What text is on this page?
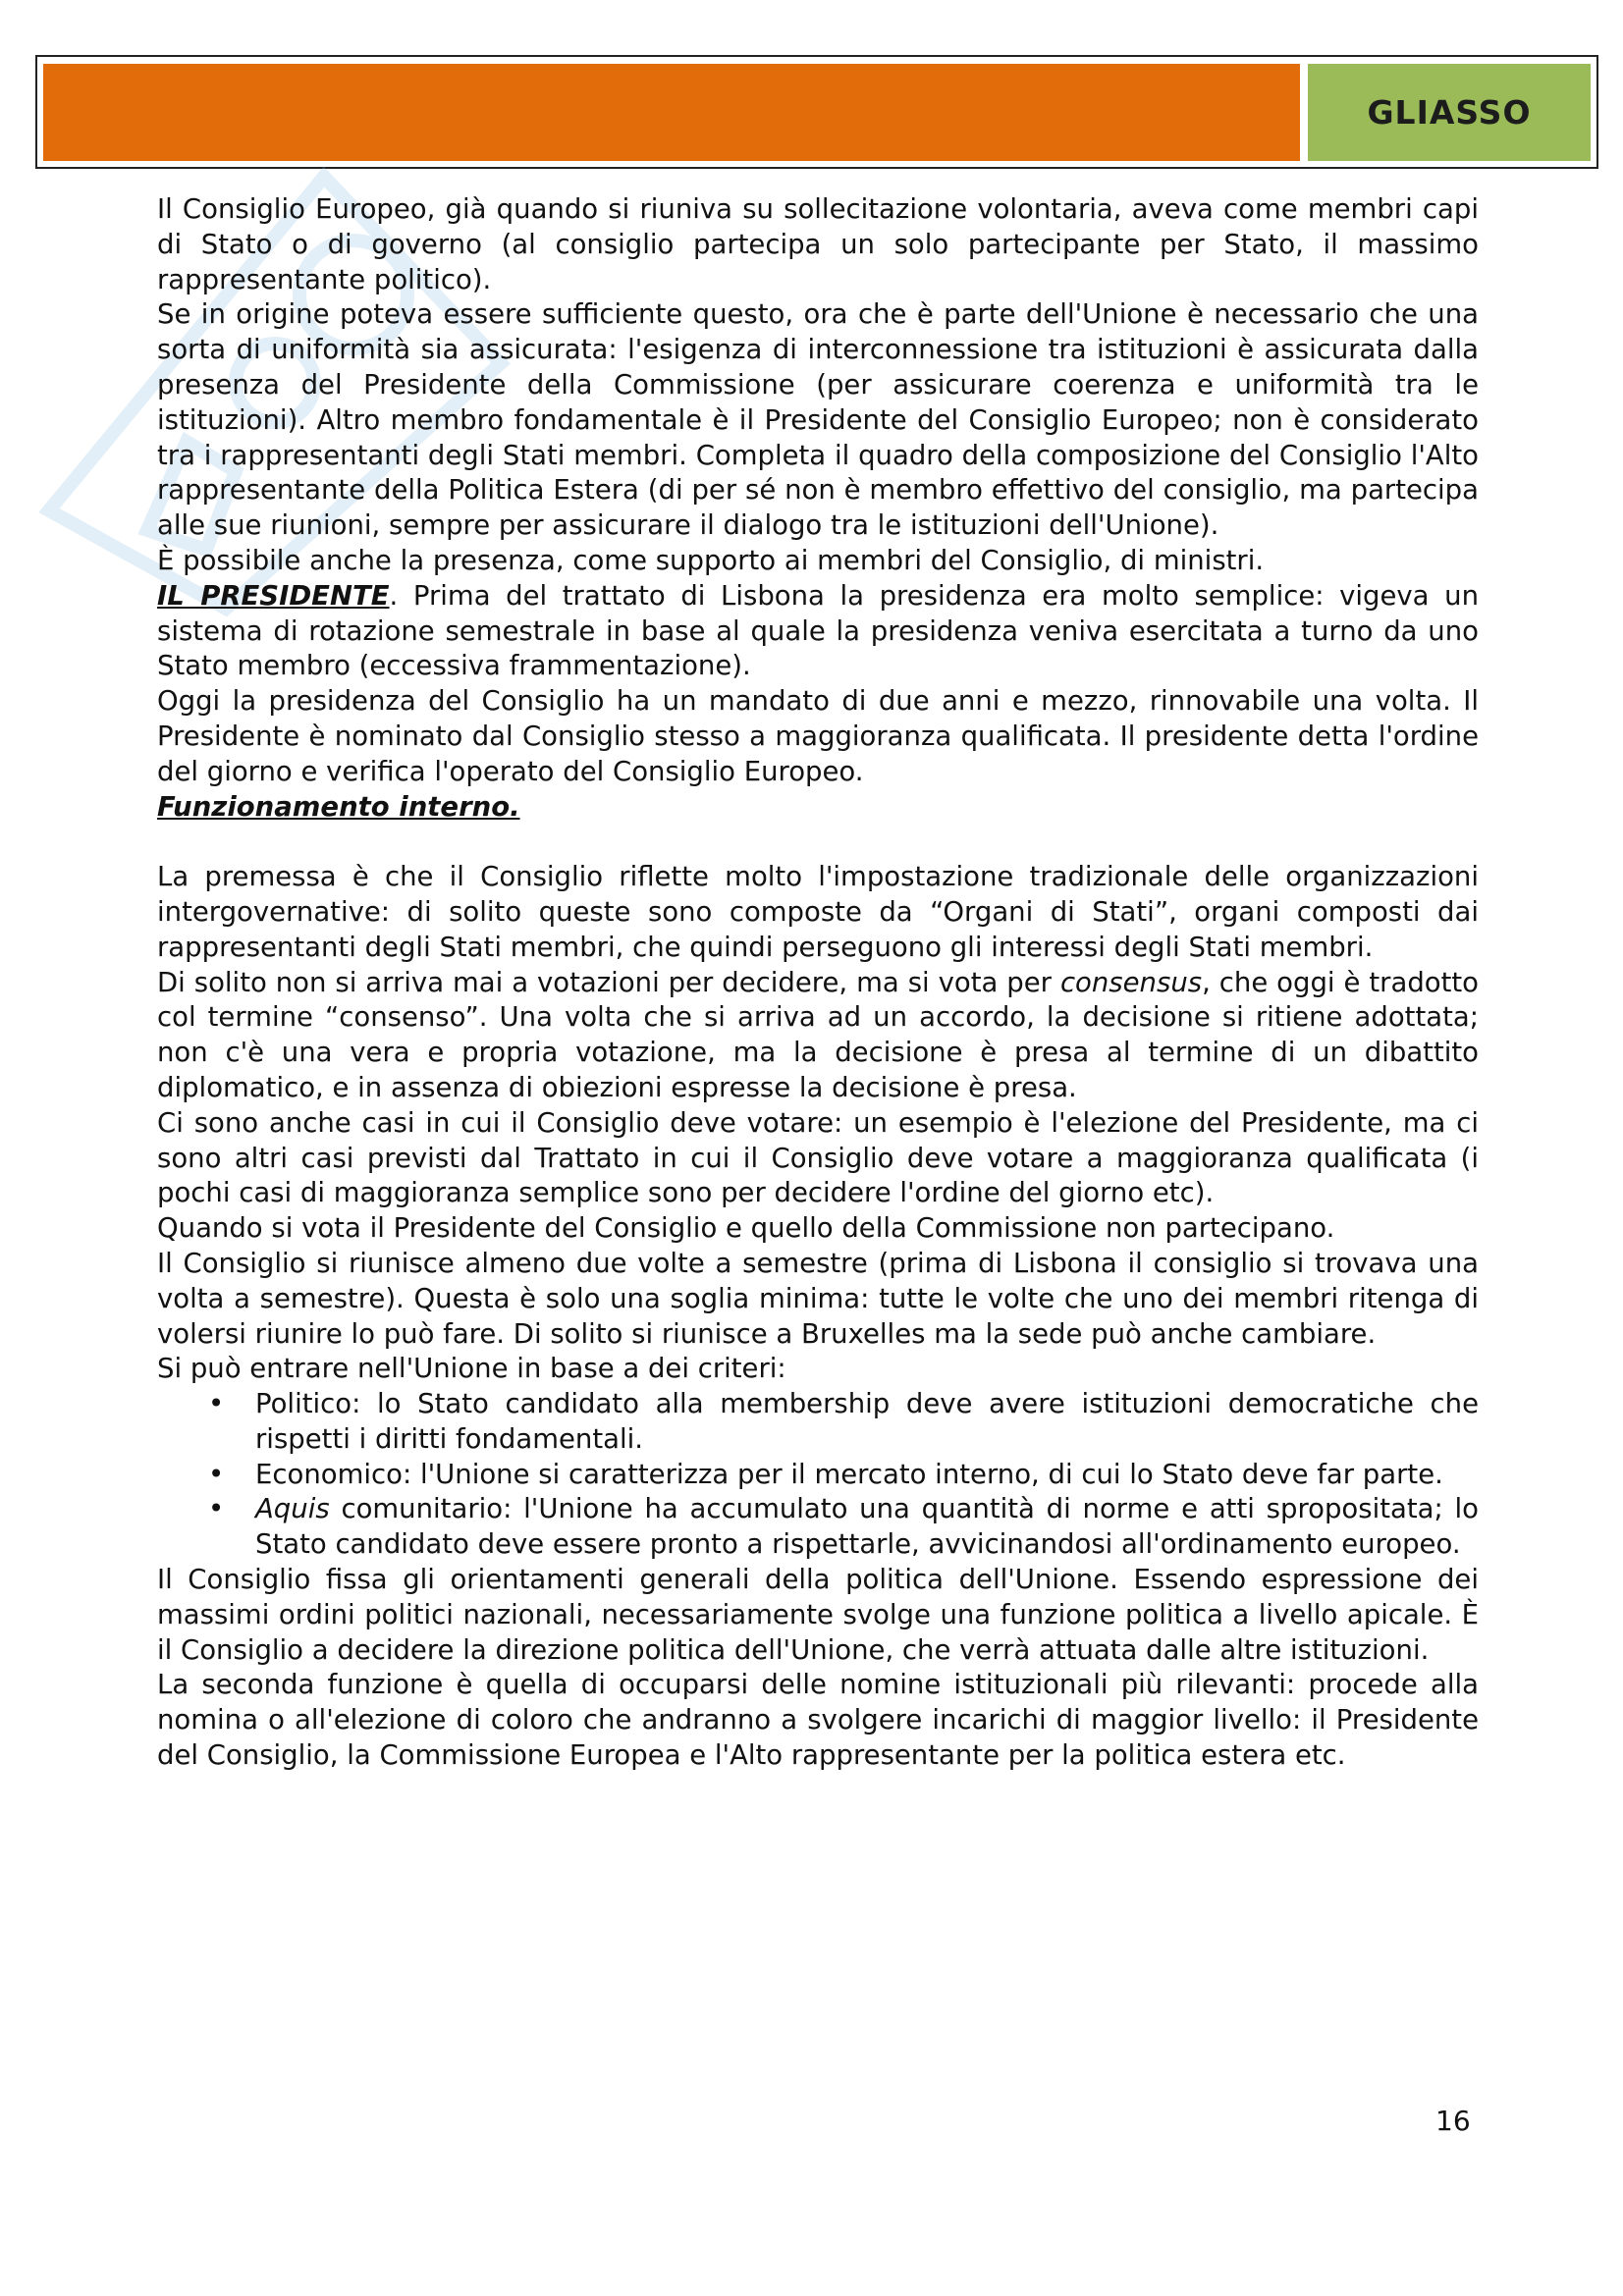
GLIASSO

Il Consiglio Europeo, già quando si riuniva su sollecitazione volontaria, aveva come membri capi di Stato o di governo (al consiglio partecipa un solo partecipante per Stato, il massimo rappresentante politico).

Se in origine poteva essere sufficiente questo, ora che è parte dell'Unione è necessario che una sorta di uniformità sia assicurata: l'esigenza di interconnessione tra istituzioni è assicurata dalla presenza del Presidente della Commissione (per assicurare coerenza e uniformità tra le istituzioni). Altro membro fondamentale è il Presidente del Consiglio Europeo; non è considerato tra i rappresentanti degli Stati membri. Completa il quadro della composizione del Consiglio l'Alto rappresentante della Politica Estera (di per sé non è membro effettivo del consiglio, ma partecipa alle sue riunioni, sempre per assicurare il dialogo tra le istituzioni dell'Unione).

È possibile anche la presenza, come supporto ai membri del Consiglio, di ministri.

IL PRESIDENTE. Prima del trattato di Lisbona la presidenza era molto semplice: vigeva un sistema di rotazione semestrale in base al quale la presidenza veniva esercitata a turno da uno Stato membro (eccessiva frammentazione).

Oggi la presidenza del Consiglio ha un mandato di due anni e mezzo, rinnovabile una volta. Il Presidente è nominato dal Consiglio stesso a maggioranza qualificata. Il presidente detta l'ordine del giorno e verifica l'operato del Consiglio Europeo.

Funzionamento interno.

La premessa è che il Consiglio riflette molto l'impostazione tradizionale delle organizzazioni intergovernative: di solito queste sono composte da “Organi di Stati”, organi composti dai rappresentanti degli Stati membri, che quindi perseguono gli interessi degli Stati membri.

Di solito non si arriva mai a votazioni per decidere, ma si vota per consensus, che oggi è tradotto col termine “consenso”. Una volta che si arriva ad un accordo, la decisione si ritiene adottata; non c'è una vera e propria votazione, ma la decisione è presa al termine di un dibattito diplomatico, e in assenza di obiezioni espresse la decisione è presa.

Ci sono anche casi in cui il Consiglio deve votare: un esempio è l'elezione del Presidente, ma ci sono altri casi previsti dal Trattato in cui il Consiglio deve votare a maggioranza qualificata (i pochi casi di maggioranza semplice sono per decidere l'ordine del giorno etc).

Quando si vota il Presidente del Consiglio e quello della Commissione non partecipano.

Il Consiglio si riunisce almeno due volte a semestre (prima di Lisbona il consiglio si trovava una volta a semestre). Questa è solo una soglia minima: tutte le volte che uno dei membri ritenga di volersi riunire lo può fare. Di solito si riunisce a Bruxelles ma la sede può anche cambiare.

Si può entrare nell'Unione in base a dei criteri:

• Politico: lo Stato candidato alla membership deve avere istituzioni democratiche che rispetti i diritti fondamentali.
• Economico: l'Unione si caratterizza per il mercato interno, di cui lo Stato deve far parte.
• Aquis comunitario: l'Unione ha accumulato una quantità di norme e atti spropositata; lo Stato candidato deve essere pronto a rispettarle, avvicinandosi all'ordinamento europeo.

Il Consiglio fissa gli orientamenti generali della politica dell'Unione. Essendo espressione dei massimi ordini politici nazionali, necessariamente svolge una funzione politica a livello apicale. È il Consiglio a decidere la direzione politica dell'Unione, che verrà attuata dalle altre istituzioni.

La seconda funzione è quella di occuparsi delle nomine istituzionali più rilevanti: procede alla nomina o all'elezione di coloro che andranno a svolgere incarichi di maggior livello: il Presidente del Consiglio, la Commissione Europea e l'Alto rappresentante per la politica estera etc.

16
